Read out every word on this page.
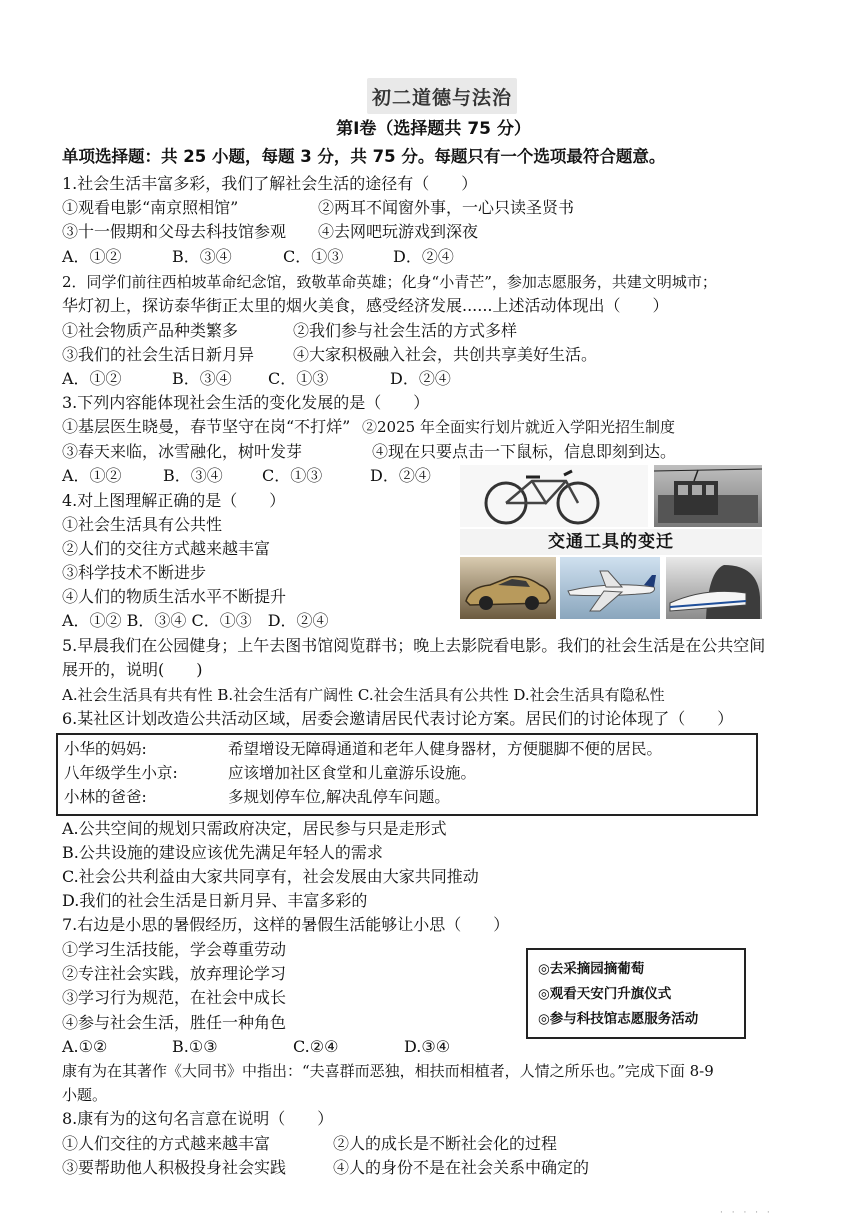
初二道德与法治
第Ⅰ卷（选择题共 75 分）
单项选择题：共 25 小题，每题 3 分，共 75 分。每题只有一个选项最符合题意。
1.社会生活丰富多彩，我们了解社会生活的途径有（　　）
①观看电影“南京照相馆”	②两耳不闻窗外事，一心只读圣贤书
③十一假期和父母去科技馆参观 ④去网吧玩游戏到深夜
A．①②	B．③④	C．①③	D．②④
2．同学们前往西柏坡革命纪念馆，致敬革命英雄；化身“小青芒”，参加志愿服务，共建文明城市；
华灯初上，探访泰华街正太里的烟火美食，感受经济发展......上述活动体现出（　　）
①社会物质产品种类繁多	②我们参与社会生活的方式多样
③我们的社会生活日新月异 ④大家积极融入社会，共创共享美好生活。
A．①②	B．③④ C．①③	D．②④
3.下列内容能体现社会生活的变化发展的是（　　）
①基层医生晓曼，春节坚守在岗“不打烊” ②2025 年全面实行划片就近入学阳光招生制度
③春天来临，冰雪融化，树叶发芽	④现在只要点击一下鼠标，信息即刻到达。
A．①②	B．③④ C．①③	D．②④
4.对上图理解正确的是（　　）
①社会生活具有公共性
②人们的交往方式越来越丰富
③科学技术不断进步
④人们的物质生活水平不断提升
A．①② B．③④ C．①③　D．②④
交通工具的变迁
5.早晨我们在公园健身；上午去图书馆阅览群书；晚上去影院看电影。我们的社会生活是在公共空间
展开的，说明(　　)
A.社会生活具有共有性 B.社会生活有广阔性 C.社会生活具有公共性 D.社会生活具有隐私性
6.某社区计划改造公共活动区域，居委会邀请居民代表讨论方案。居民们的讨论体现了（　　）
小华的妈妈:	希望增设无障碍通道和老年人健身器材，方便腿脚不便的居民。
八年级学生小京:	应该增加社区食堂和儿童游乐设施。
小林的爸爸:	多规划停车位,解决乱停车问题。
A.公共空间的规划只需政府决定，居民参与只是走形式
B.公共设施的建设应该优先满足年轻人的需求
C.社会公共利益由大家共同享有，社会发展由大家共同推动
D.我们的社会生活是日新月异、丰富多彩的
7.右边是小思的暑假经历，这样的暑假生活能够让小思（　　）
①学习生活技能，学会尊重劳动
②专注社会实践，放弃理论学习
③学习行为规范，在社会中成长
④参与社会生活，胜任一种角色
A.①②	B.①③	C.②④	D.③④
◎去采摘园摘葡萄
◎观看天安门升旗仪式
◎参与科技馆志愿服务活动
康有为在其著作《大同书》中指出：“夫喜群而恶独，相扶而相植者，人情之所乐也。”完成下面 8-9
小题。
8.康有为的这句名言意在说明（　　）
①人们交往的方式越来越丰富	②人的成长是不断社会化的过程
③要帮助他人积极投身社会实践	④人的身份不是在社会关系中确定的
· · · · ·
